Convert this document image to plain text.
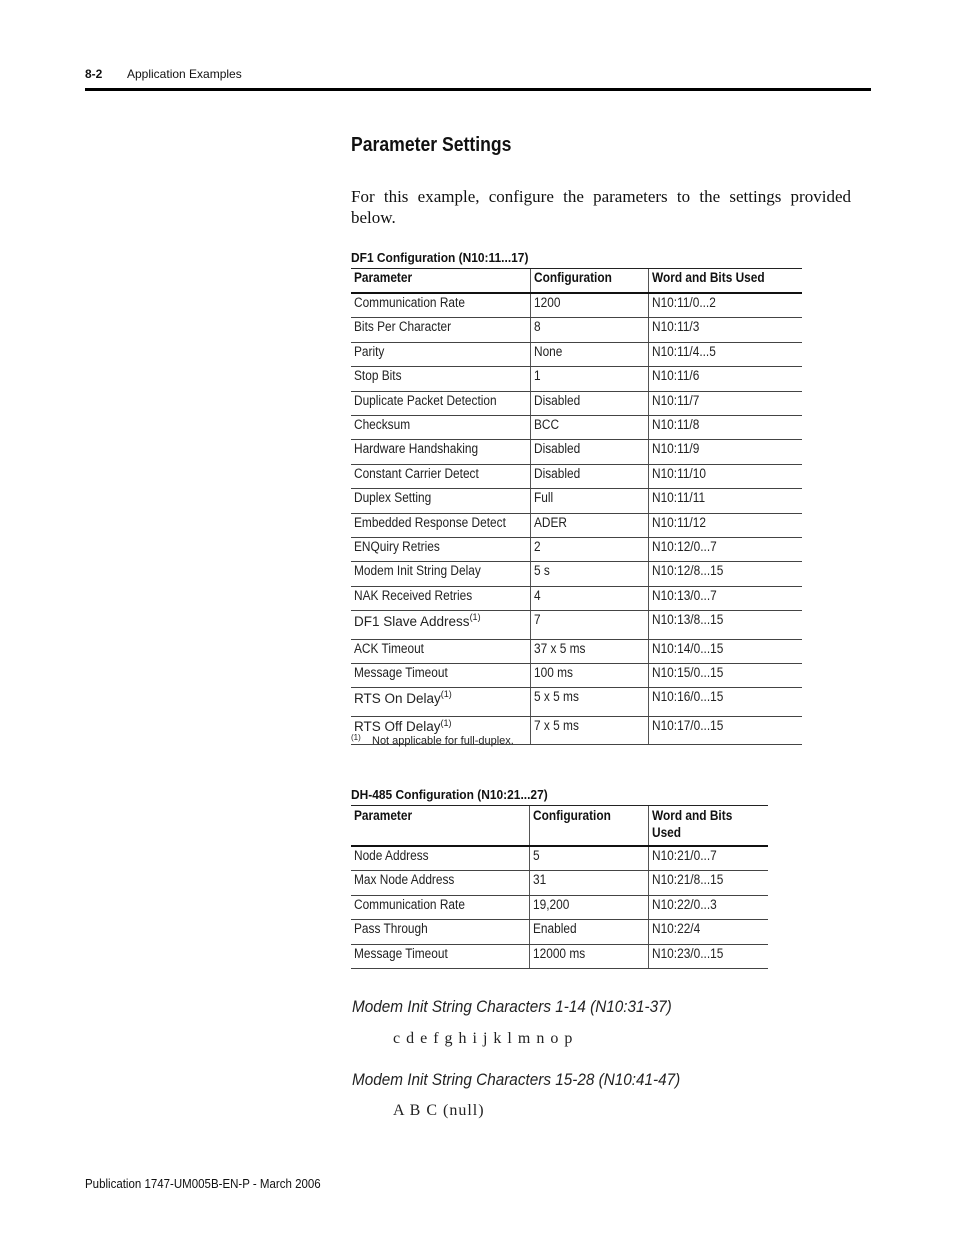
8-2 Application Examples
Parameter Settings
For this example, configure the parameters to the settings provided below.
DF1 Configuration (N10:11...17)
Parameter	Configuration	Word and Bits Used
Communication Rate	1200	N10:11/0...2
Bits Per Character	8	N10:11/3
Parity	None	N10:11/4...5
Stop Bits	1	N10:11/6
Duplicate Packet Detection	Disabled	N10:11/7
Checksum	BCC	N10:11/8
Hardware Handshaking	Disabled	N10:11/9
Constant Carrier Detect	Disabled	N10:11/10
Duplex Setting	Full	N10:11/11
Embedded Response Detect	ADER	N10:11/12
ENQuiry Retries	2	N10:12/0...7
Modem Init String Delay	5 s	N10:12/8...15
NAK Received Retries	4	N10:13/0...7
DF1 Slave Address$^{(1)}$	7	N10:13/8...15
ACK Timeout	37 x 5 ms	N10:14/0...15
Message Timeout	100 ms	N10:15/0...15
RTS On Delay$^{(1)}$	5 x 5 ms	N10:16/0...15
RTS Off Delay$^{(1)}$	7 x 5 ms	N10:17/0...15
$^{(1)}$ Not applicable for full-duplex.
DH-485 Configuration (N10:21...27)
Parameter	Configuration	Word and Bits Used
Node Address	5	N10:21/0...7
Max Node Address	31	N10:21/8...15
Communication Rate	19,200	N10:22/0...3
Pass Through	Enabled	N10:22/4
Message Timeout	12000 ms	N10:23/0...15
Modem Init String Characters 1-14 (N10:31-37)
c d e f g h i j k l m n o p
Modem Init String Characters 15-28 (N10:41-47)
A B C (null)
Publication 1747-UM005B-EN-P - March 2006
